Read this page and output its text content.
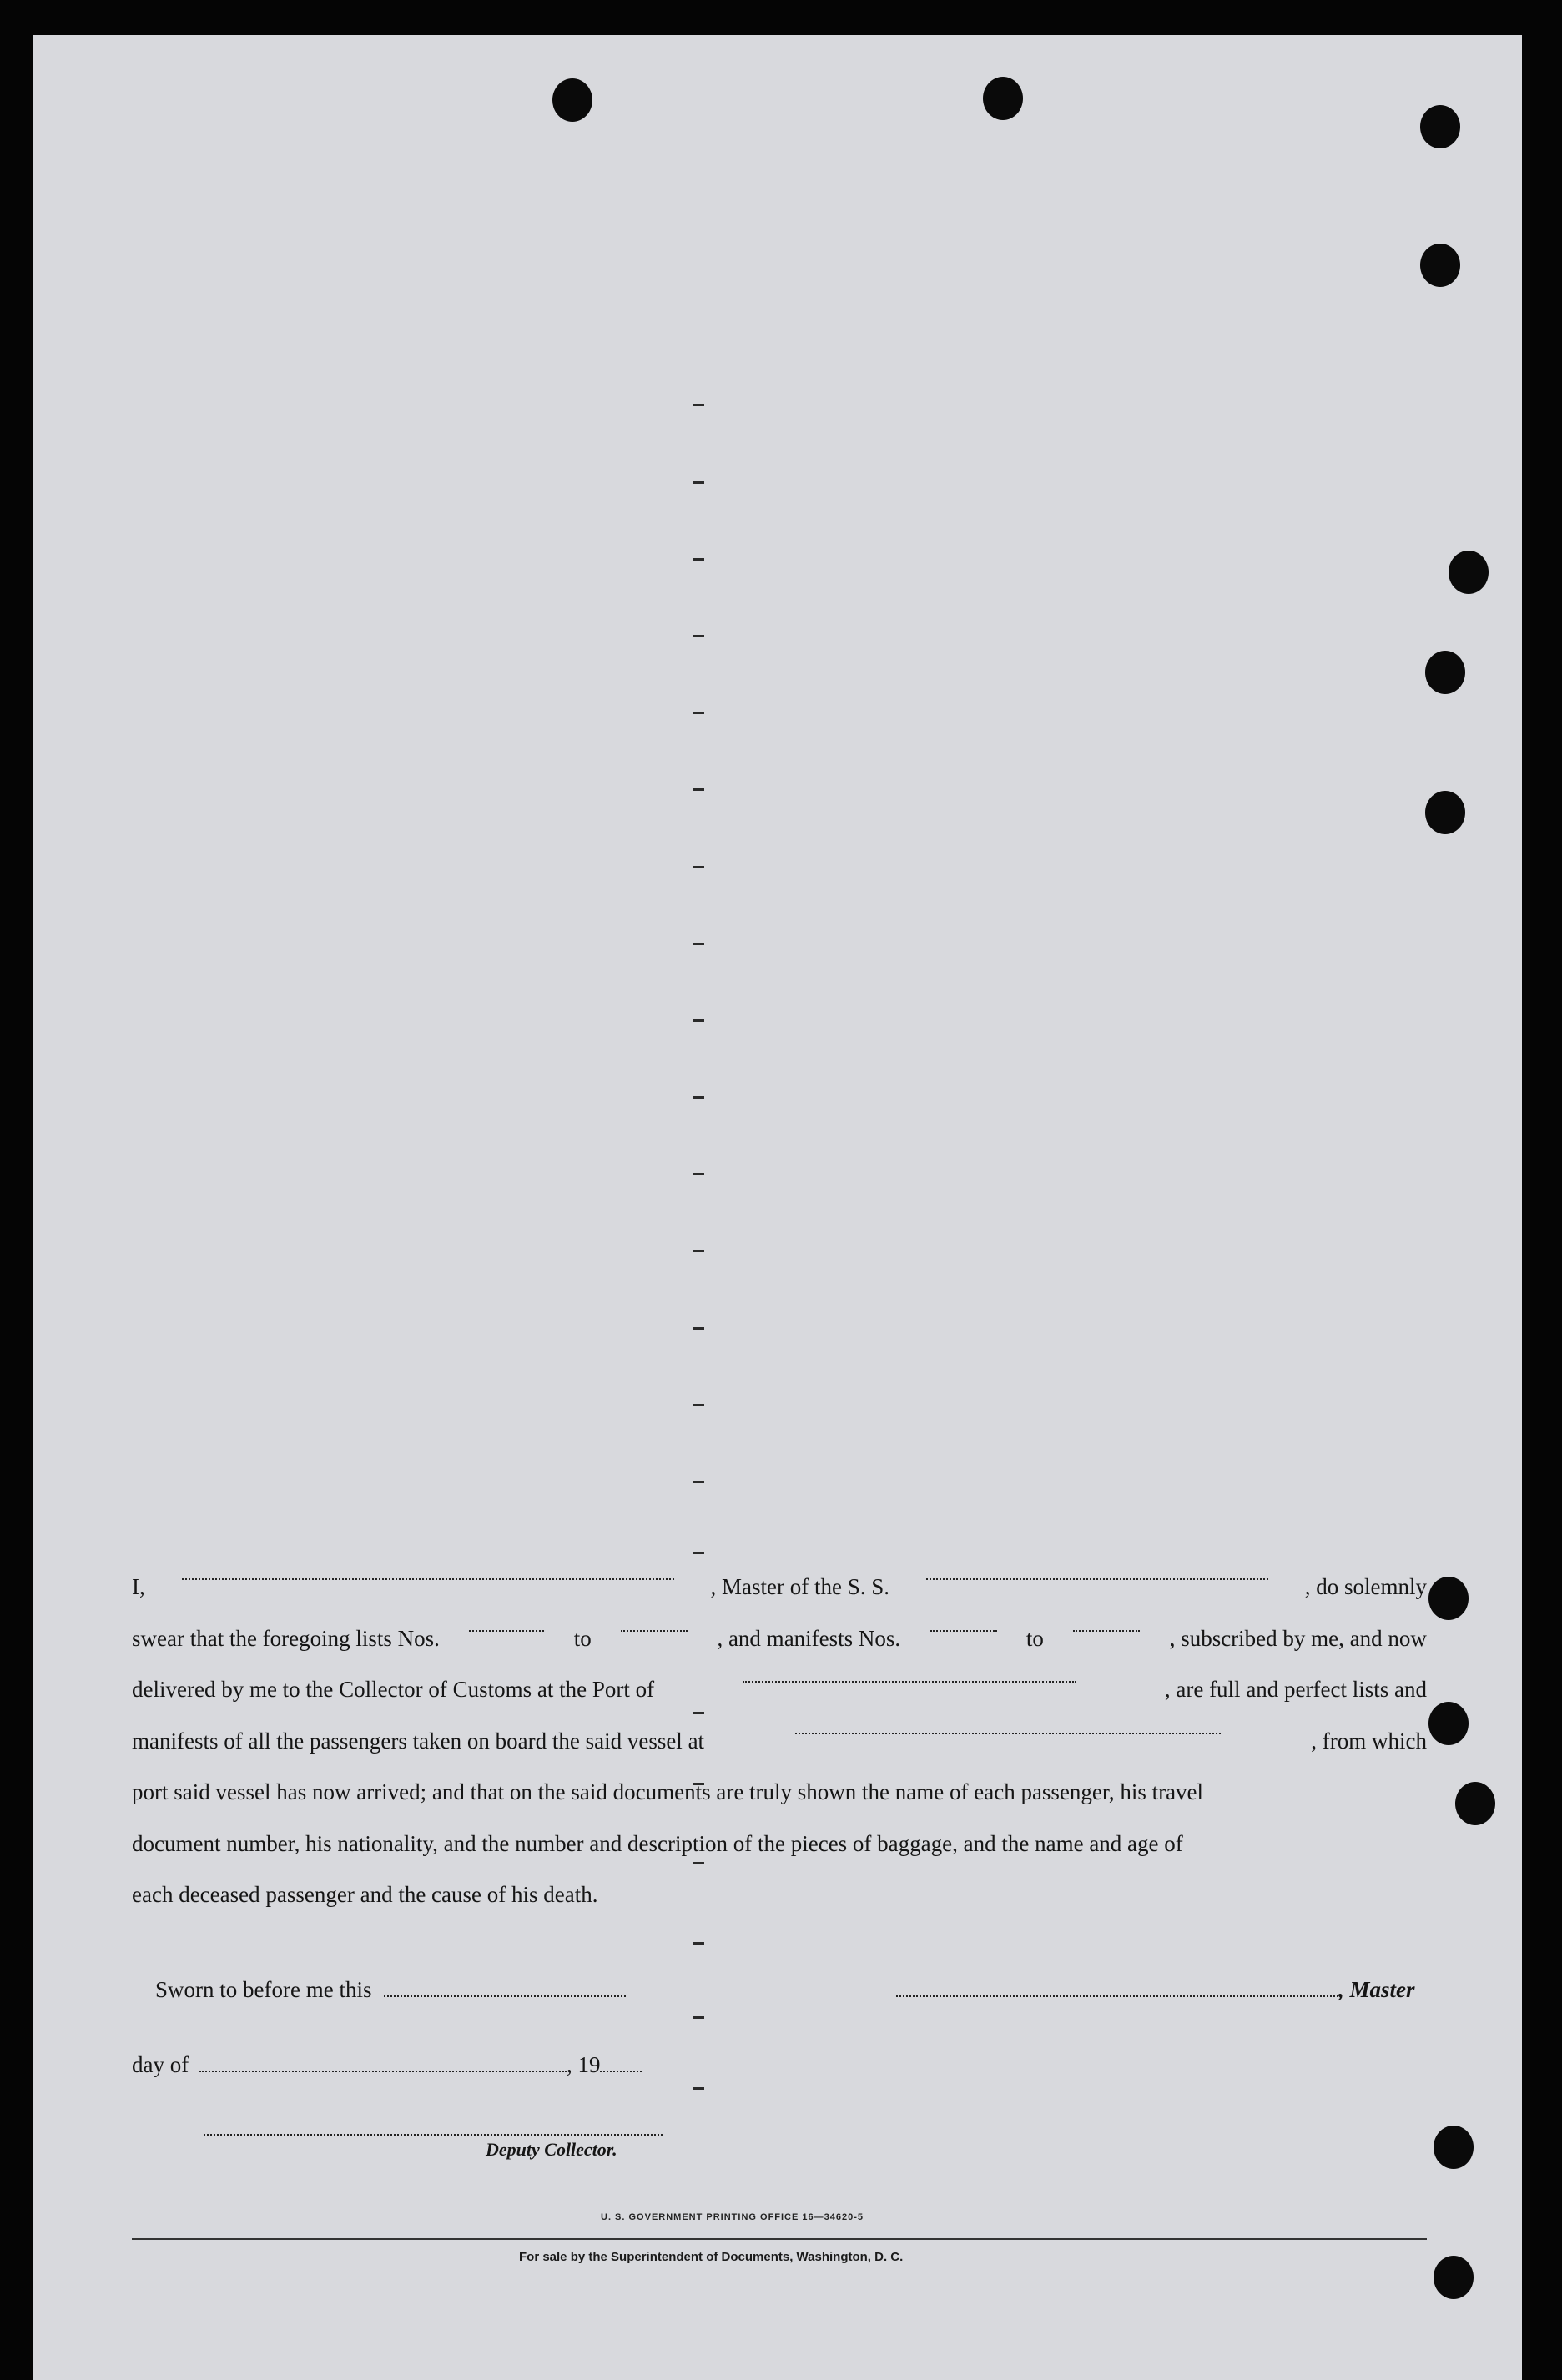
I,	, Master of the S. S.	, do solemnly

swear that the foregoing lists Nos.	to	, and manifests Nos.	to	, subscribed by me, and now

delivered by me to the Collector of Customs at the Port of	, are full and perfect lists and

manifests of all the passengers taken on board the said vessel at	, from which

port said vessel has now arrived; and that on the said documents are truly shown the name of each passenger, his travel

document number, his nationality, and the number and description of the pieces of baggage, and the name and age of

each deceased passenger and the cause of his death.

Sworn to before me this	, Master
day of	, 19
Deputy Collector.
U. S. GOVERNMENT PRINTING OFFICE 16—34620-5
For sale by the Superintendent of Documents, Washington, D. C.
